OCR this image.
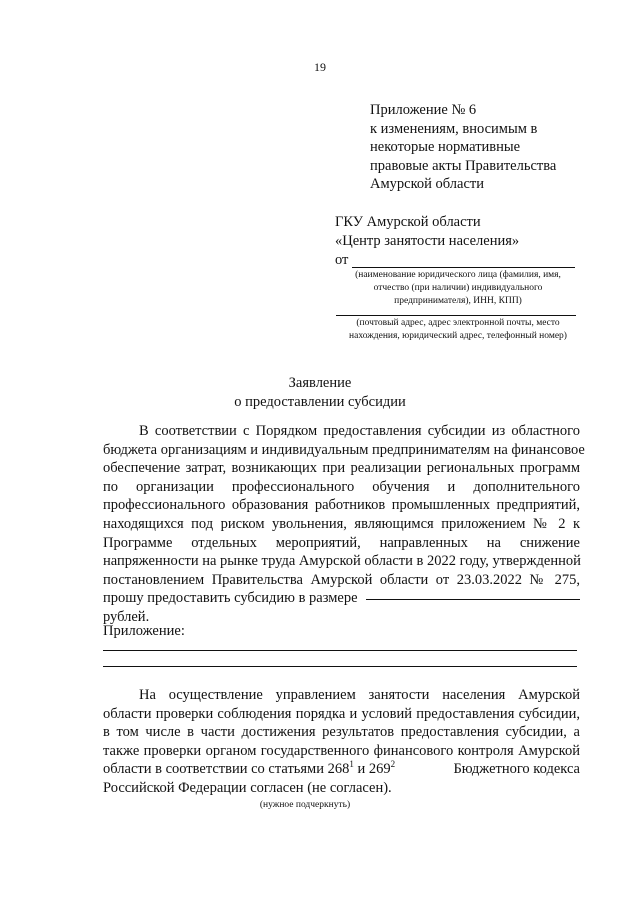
19
Приложение № 6
к изменениям, вносимым в
некоторые нормативные
правовые акты Правительства
Амурской области
ГКУ Амурской области
«Центр занятости населения»
от
(наименование юридического лица (фамилия, имя,
отчество (при наличии) индивидуального
предпринимателя), ИНН, КПП)
(почтовый адрес, адрес электронной почты, место
нахождения, юридический адрес, телефонный номер)
Заявление
о предоставлении субсидии
В соответствии с Порядком предоставления субсидии из областного
бюджета организациям и индивидуальным предпринимателям на финансовое
обеспечение затрат, возникающих при реализации региональных программ
по организации профессионального обучения и дополнительного
профессионального образования работников промышленных предприятий,
находящихся под риском увольнения, являющимся приложением № 2 к
Программе отдельных мероприятий, направленных на снижение
напряженности на рынке труда Амурской области в 2022 году, утвержденной
постановлением Правительства Амурской области от 23.03.2022 № 275,
прошу предоставить субсидию в размере
рублей.
Приложение:
На осуществление управлением занятости населения Амурской
области проверки соблюдения порядка и условий предоставления субсидии,
в том числе в части достижения результатов предоставления субсидии, а
также проверки органом государственного финансового контроля Амурской
области в соответствии со статьями $268^1$ и $269^2$	Бюджетного кодекса
Российской Федерации согласен (не согласен).
(нужное подчеркнуть)
